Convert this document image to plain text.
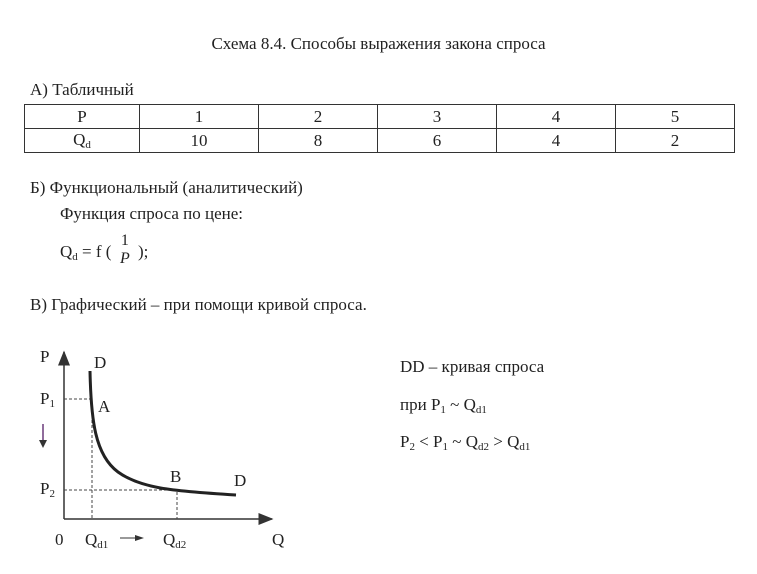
Схема 8.4. Способы выражения закона спроса
А) Табличный
P	1	2	3	4	5
$Q_d$	10	8	6	4	2
Б) Функциональный (аналитический)
Функция спроса по цене:
$Q_d = f$ (
1
P );
В) Графический – при помощи кривой спроса.
P	D
$P_1$	A
$P_2$
B	D
0 $Q_{d1}$	$Q_{d2}$	Q
DD – кривая спроса
при $P_1$ ~ $Q_{d1}$
$P_2 < P_1$ ~ $Q_{d2} > Q_{d1}$
